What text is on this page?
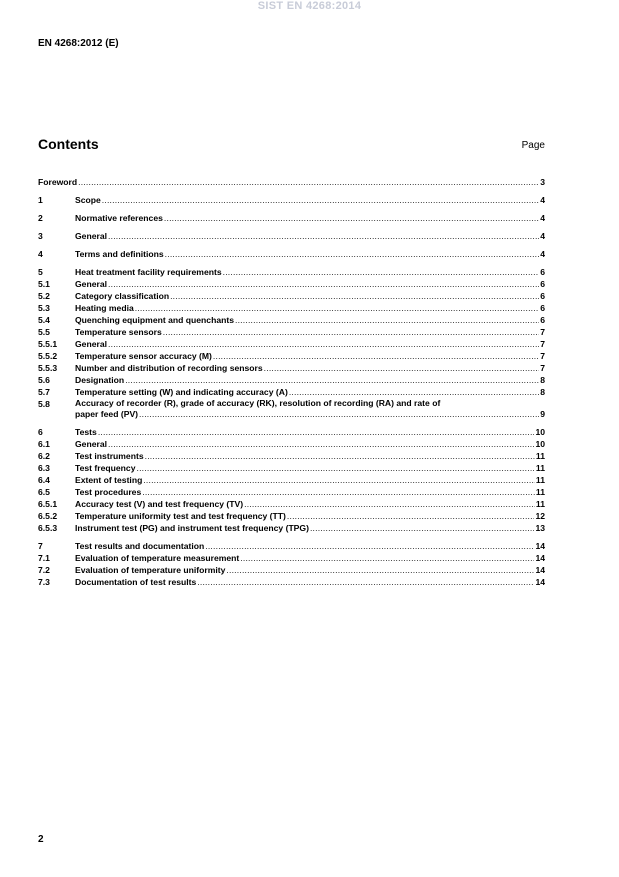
SIST EN 4268:2014
EN 4268:2012 (E)
Contents	Page
Foreword .....	3
1	Scope .....	4
2	Normative references .....	4
3	General .....	4
4	Terms and definitions .....	4
5	Heat treatment facility requirements .....	6
5.1	General .....	6
5.2	Category classification .....	6
5.3	Heating media .....	6
5.4	Quenching equipment and quenchants .....	6
5.5	Temperature sensors .....	7
5.5.1 General .....	7
5.5.2 Temperature sensor accuracy (M) .....	7
5.5.3 Number and distribution of recording sensors .....	7
5.6	Designation .....	8
5.7	Temperature setting (W) and indicating accuracy (A) .....	8
5.8	Accuracy of recorder (R), grade of accuracy (RK), resolution of recording (RA) and rate of
paper feed (PV) .....	9
6	Tests .....	10
6.1	General .....	10
6.2	Test instruments .....	11
6.3	Test frequency .....	11
6.4	Extent of testing .....	11
6.5	Test procedures .....	11
6.5.1 Accuracy test (V) and test frequency (TV) .....	11
6.5.2 Temperature uniformity test and test frequency (TT) .....	12
6.5.3 Instrument test (PG) and instrument test frequency (TPG) .....	13
7	Test results and documentation .....	14
7.1	Evaluation of temperature measurement .....	14
7.2	Evaluation of temperature uniformity .....	14
7.3	Documentation of test results .....	14
2
